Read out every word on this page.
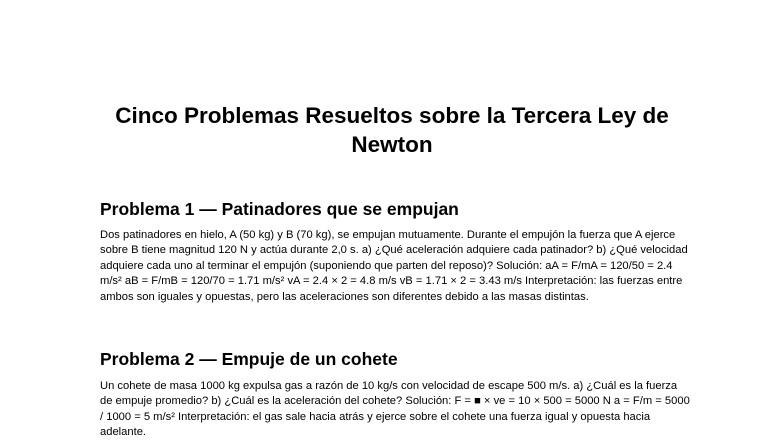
Cinco Problemas Resueltos sobre la Tercera Ley de Newton
Problema 1 — Patinadores que se empujan

Dos patinadores en hielo, A (50 kg) y B (70 kg), se empujan mutuamente. Durante el empujón la fuerza que A ejerce sobre B tiene magnitud 120 N y actúa durante 2,0 s. a) ¿Qué aceleración adquiere cada patinador? b) ¿Qué velocidad adquiere cada uno al terminar el empujón (suponiendo que parten del reposo)? Solución: aA = F/mA = 120/50 = 2.4 m/s² aB = F/mB = 120/70 = 1.71 m/s² vA = 2.4 × 2 = 4.8 m/s vB = 1.71 × 2 = 3.43 m/s Interpretación: las fuerzas entre ambos son iguales y opuestas, pero las aceleraciones son diferentes debido a las masas distintas.

Problema 2 — Empuje de un cohete

Un cohete de masa 1000 kg expulsa gas a razón de 10 kg/s con velocidad de escape 500 m/s. a) ¿Cuál es la fuerza de empuje promedio? b) ¿Cuál es la aceleración del cohete? Solución: F = ■ × ve = 10 × 500 = 5000 N a = F/m = 5000 / 1000 = 5 m/s² Interpretación: el gas sale hacia atrás y ejerce sobre el cohete una fuerza igual y opuesta hacia adelante.
